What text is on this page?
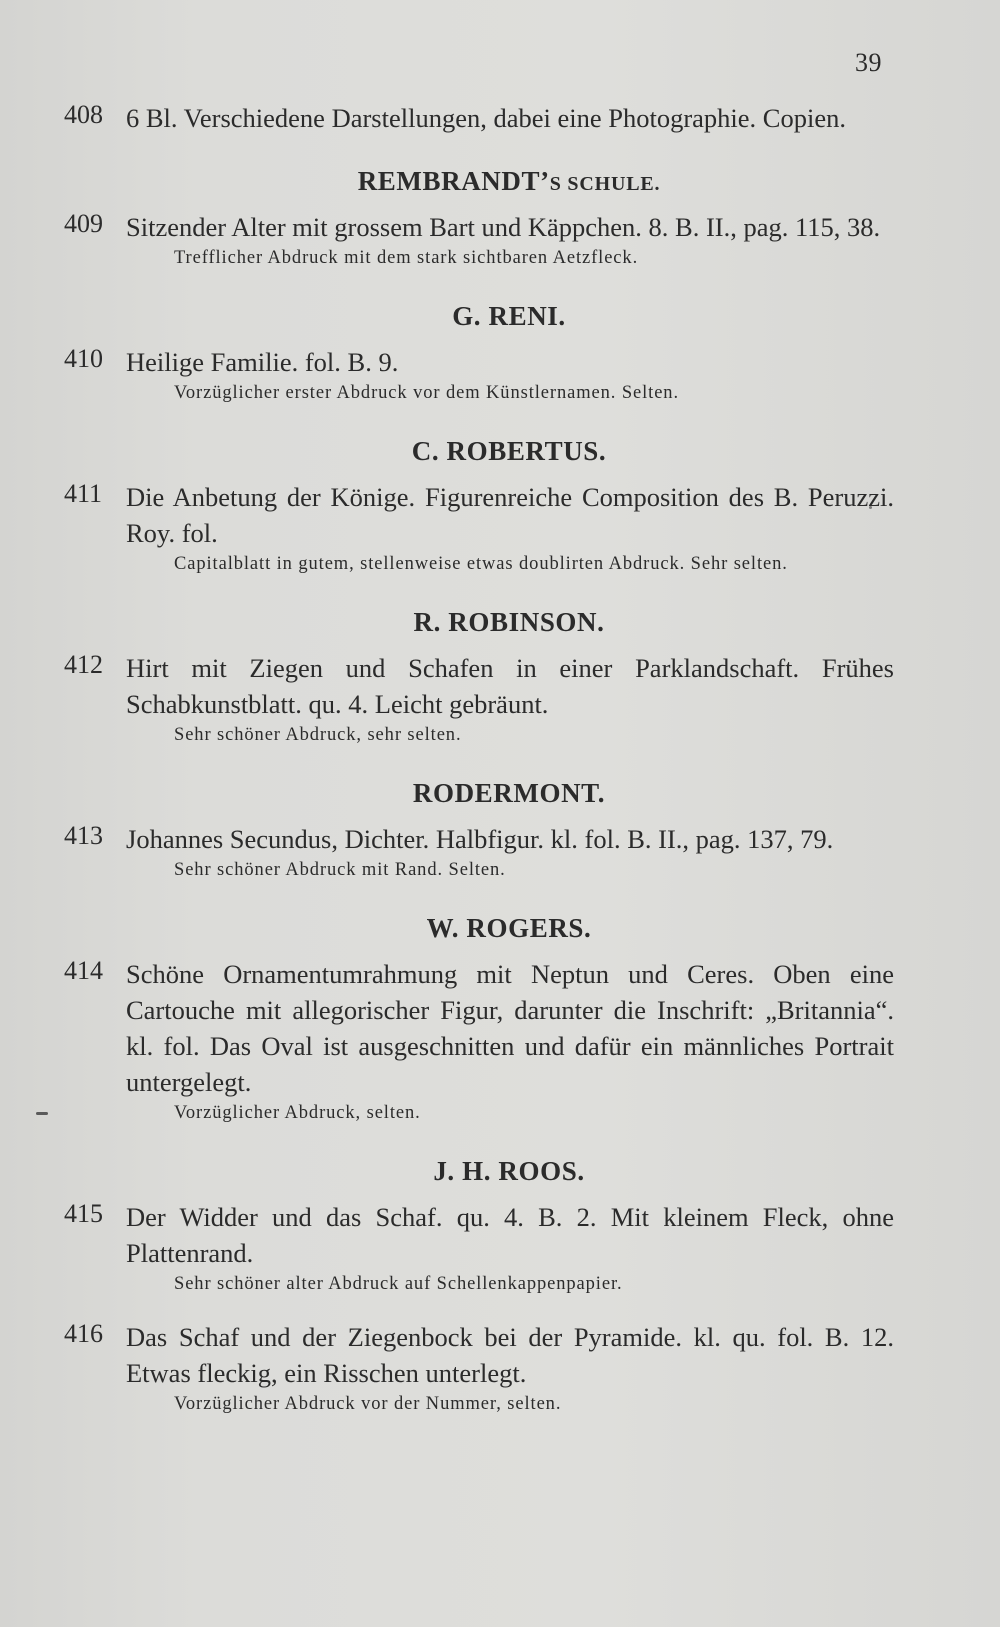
39
408 6 Bl. Verschiedene Darstellungen, dabei eine Photographie. Copien.
REMBRANDT’S SCHULE.
409 Sitzender Alter mit grossem Bart und Käppchen. 8. B. II., pag. 115, 38.
Trefflicher Abdruck mit dem stark sichtbaren Aetzfleck.
G. RENI.
410 Heilige Familie. fol. B. 9.
Vorzüglicher erster Abdruck vor dem Künstlernamen. Selten.
C. ROBERTUS.
411 Die Anbetung der Könige. Figurenreiche Composition des B. Peruzzi. Roy. fol.
Capitalblatt in gutem, stellenweise etwas doublirten Abdruck. Sehr selten.
R. ROBINSON.
412 Hirt mit Ziegen und Schafen in einer Parklandschaft. Frühes Schabkunstblatt. qu. 4. Leicht gebräunt.
Sehr schöner Abdruck, sehr selten.
RODERMONT.
413 Johannes Secundus, Dichter. Halbfigur. kl. fol. B. II., pag. 137, 79.
Sehr schöner Abdruck mit Rand. Selten.
W. ROGERS.
414 Schöne Ornamentumrahmung mit Neptun und Ceres. Oben eine Cartouche mit allegorischer Figur, darunter die Inschrift: „Britannia“. kl. fol. Das Oval ist ausgeschnitten und dafür ein männliches Portrait untergelegt.
Vorzüglicher Abdruck, selten.
J. H. ROOS.
415 Der Widder und das Schaf. qu. 4. B. 2. Mit kleinem Fleck, ohne Plattenrand.
Sehr schöner alter Abdruck auf Schellenkappenpapier.
416 Das Schaf und der Ziegenbock bei der Pyramide. kl. qu. fol. B. 12. Etwas fleckig, ein Risschen unterlegt.
Vorzüglicher Abdruck vor der Nummer, selten.
